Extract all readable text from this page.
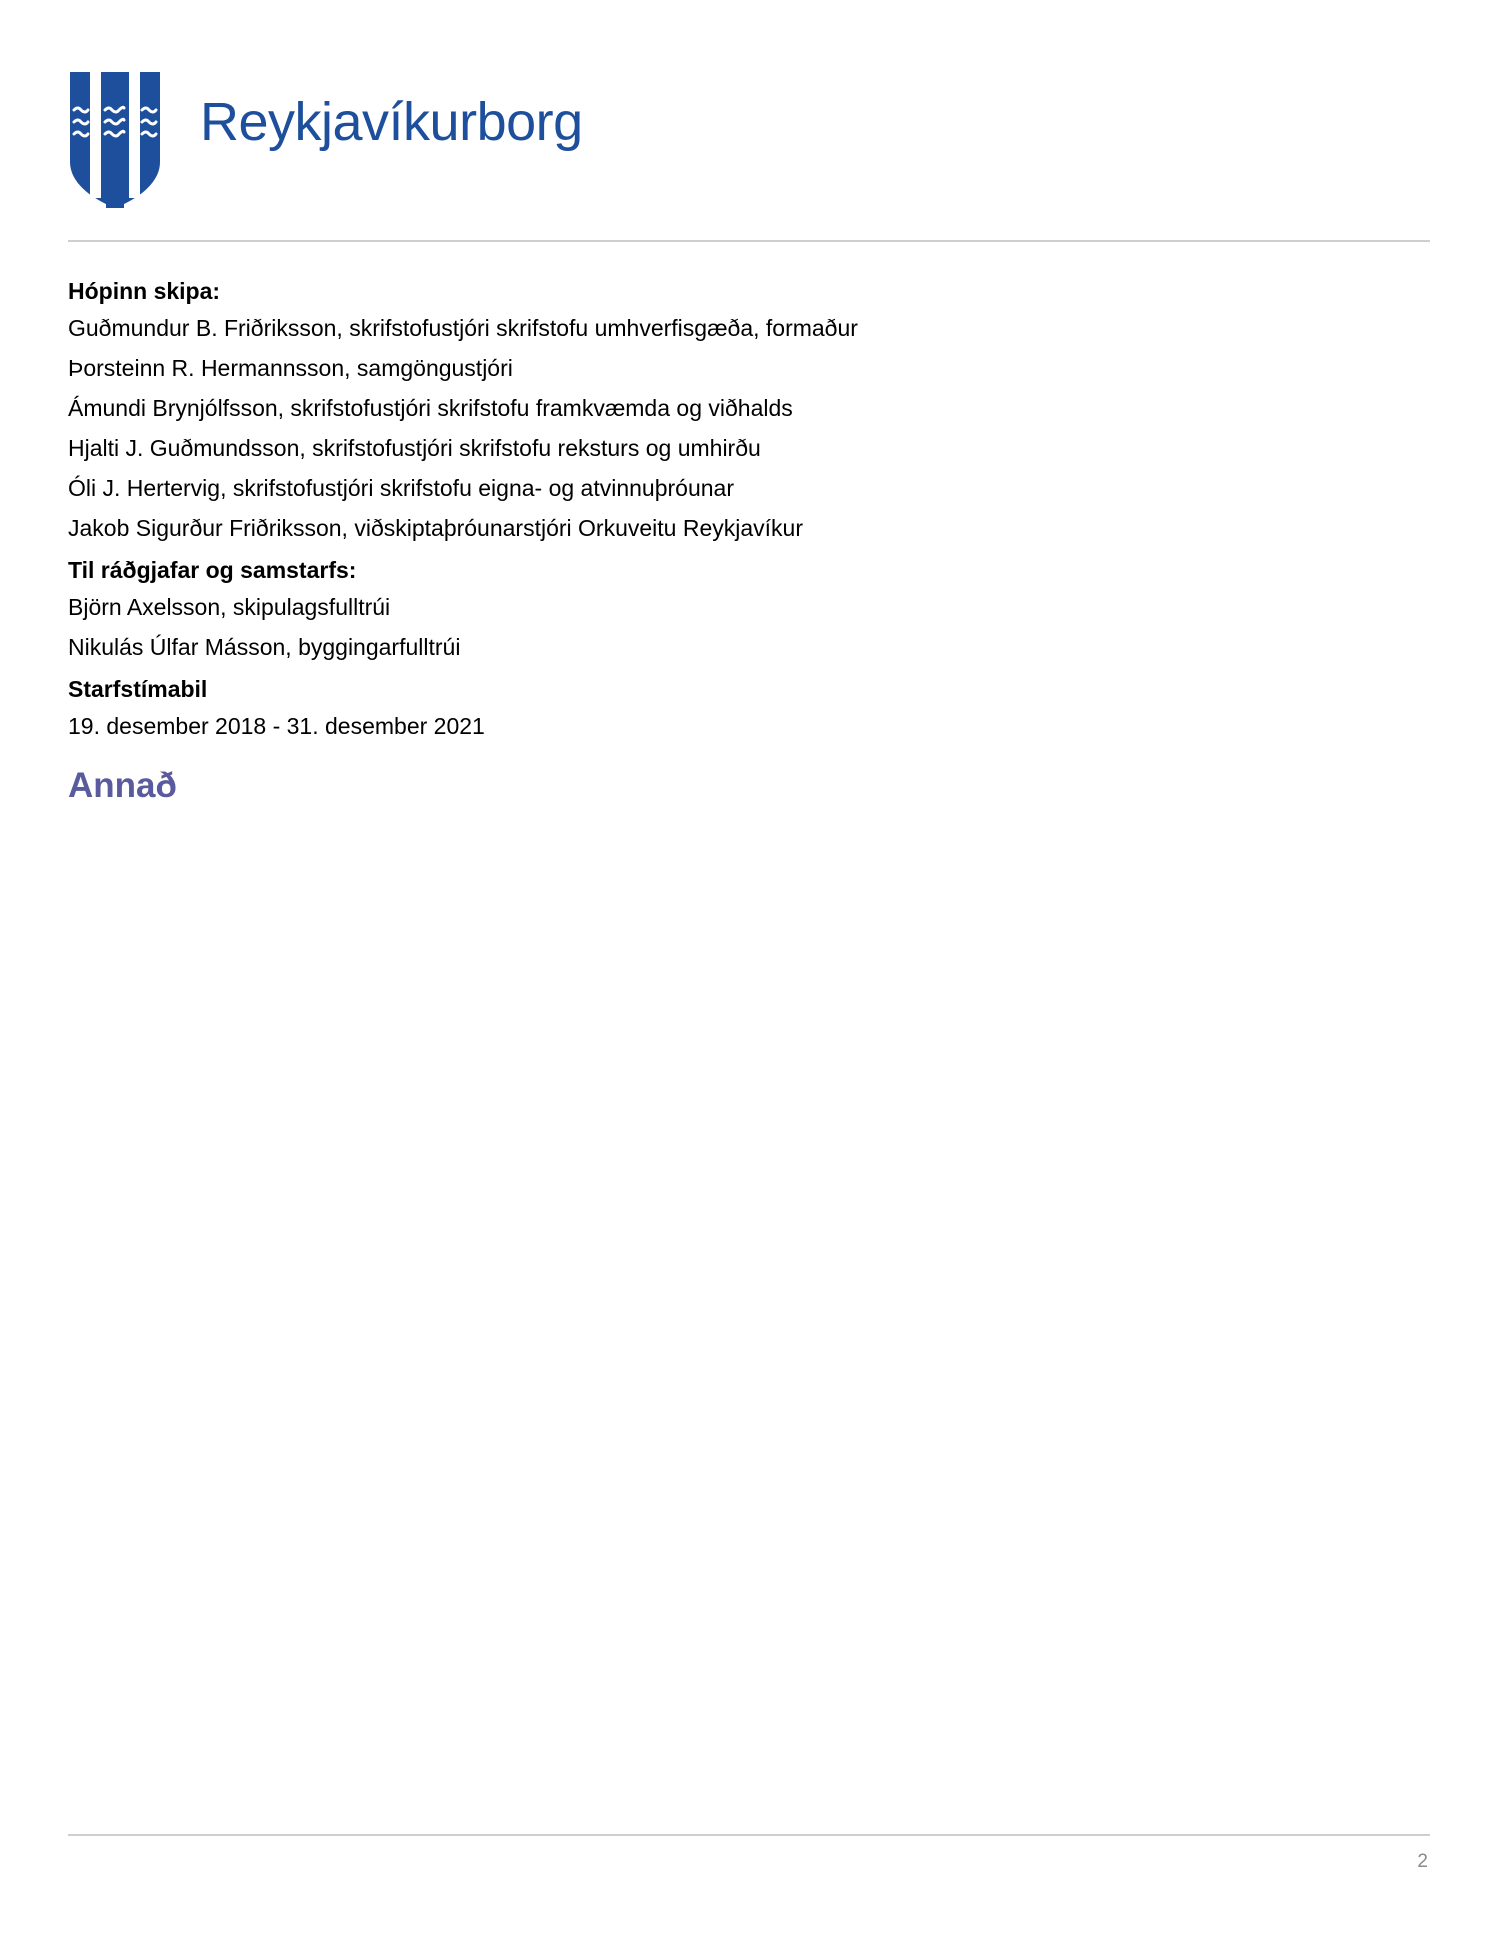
Reykjavíkurborg
Hópinn skipa:
Guðmundur B. Friðriksson, skrifstofustjóri skrifstofu umhverfisgæða, formaður
Þorsteinn R. Hermannsson, samgöngustjóri
Ámundi Brynjólfsson, skrifstofustjóri skrifstofu framkvæmda og viðhalds
Hjalti J. Guðmundsson, skrifstofustjóri skrifstofu reksturs og umhirðu
Óli J. Hertervig, skrifstofustjóri skrifstofu eigna- og atvinnuþróunar
Jakob Sigurður Friðriksson, viðskiptaþróunarstjóri Orkuveitu Reykjavíkur
Til ráðgjafar og samstarfs:
Björn Axelsson, skipulagsfulltrúi
Nikulás Úlfar Másson, byggingarfulltrúi
Starfstímabil
19. desember 2018 - 31. desember 2021
Annað
2
